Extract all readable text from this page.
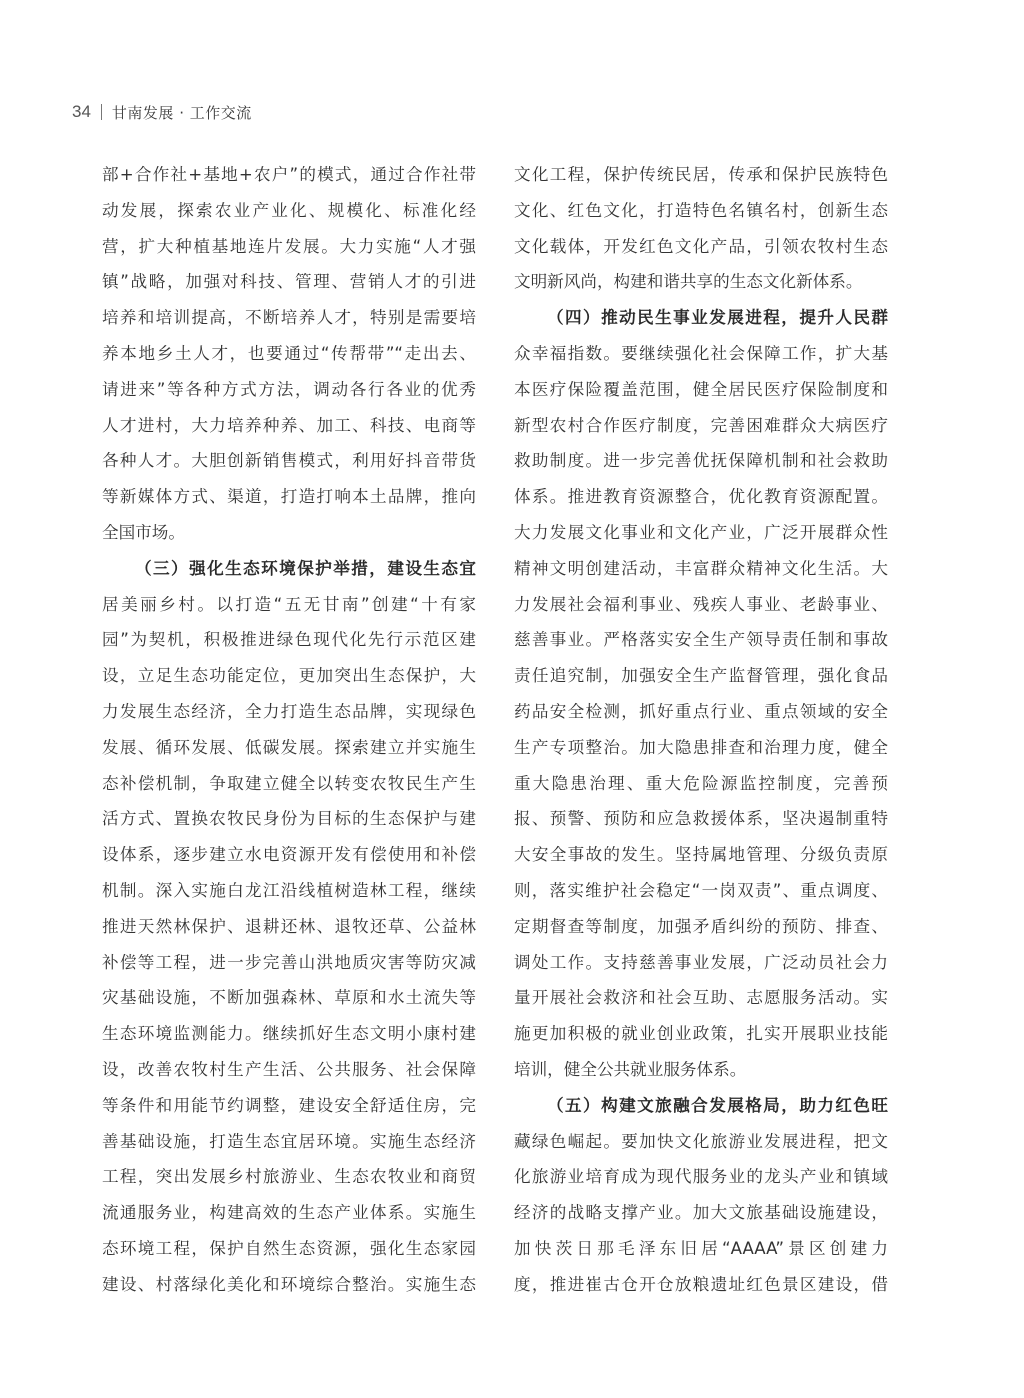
34 甘南发展 · 工作交流
部+合作社+基地+农户”的模式，通过合作社带
动发展，探索农业产业化、规模化、标准化经
营，扩大种植基地连片发展。大力实施“人才强
镇”战略，加强对科技、管理、营销人才的引进
培养和培训提高，不断培养人才，特别是需要培
养本地乡土人才，也要通过“传帮带”“走出去、
请进来”等各种方式方法，调动各行各业的优秀
人才进村，大力培养种养、加工、科技、电商等
各种人才。大胆创新销售模式，利用好抖音带货
等新媒体方式、渠道，打造打响本土品牌，推向
全国市场。
（三）强化生态环境保护举措，建设生态宜
居美丽乡村。以打造“五无甘南”创建“十有家
园”为契机，积极推进绿色现代化先行示范区建
设，立足生态功能定位，更加突出生态保护，大
力发展生态经济，全力打造生态品牌，实现绿色
发展、循环发展、低碳发展。探索建立并实施生
态补偿机制，争取建立健全以转变农牧民生产生
活方式、置换农牧民身份为目标的生态保护与建
设体系，逐步建立水电资源开发有偿使用和补偿
机制。深入实施白龙江沿线植树造林工程，继续
推进天然林保护、退耕还林、退牧还草、公益林
补偿等工程，进一步完善山洪地质灾害等防灾减
灾基础设施，不断加强森林、草原和水土流失等
生态环境监测能力。继续抓好生态文明小康村建
设，改善农牧村生产生活、公共服务、社会保障
等条件和用能节约调整，建设安全舒适住房，完
善基础设施，打造生态宜居环境。实施生态经济
工程，突出发展乡村旅游业、生态农牧业和商贸
流通服务业，构建高效的生态产业体系。实施生
态环境工程，保护自然生态资源，强化生态家园
建设、村落绿化美化和环境综合整治。实施生态
文化工程，保护传统民居，传承和保护民族特色
文化、红色文化，打造特色名镇名村，创新生态
文化载体，开发红色文化产品，引领农牧村生态
文明新风尚，构建和谐共享的生态文化新体系。
（四）推动民生事业发展进程，提升人民群
众幸福指数。要继续强化社会保障工作，扩大基
本医疗保险覆盖范围，健全居民医疗保险制度和
新型农村合作医疗制度，完善困难群众大病医疗
救助制度。进一步完善优抚保障机制和社会救助
体系。推进教育资源整合，优化教育资源配置。
大力发展文化事业和文化产业，广泛开展群众性
精神文明创建活动，丰富群众精神文化生活。大
力发展社会福利事业、残疾人事业、老龄事业、
慈善事业。严格落实安全生产领导责任制和事故
责任追究制，加强安全生产监督管理，强化食品
药品安全检测，抓好重点行业、重点领域的安全
生产专项整治。加大隐患排查和治理力度，健全
重大隐患治理、重大危险源监控制度，完善预
报、预警、预防和应急救援体系，坚决遏制重特
大安全事故的发生。坚持属地管理、分级负责原
则，落实维护社会稳定“一岗双责”、重点调度、
定期督查等制度，加强矛盾纠纷的预防、排查、
调处工作。支持慈善事业发展，广泛动员社会力
量开展社会救济和社会互助、志愿服务活动。实
施更加积极的就业创业政策，扎实开展职业技能
培训，健全公共就业服务体系。
（五）构建文旅融合发展格局，助力红色旺
藏绿色崛起。要加快文化旅游业发展进程，把文
化旅游业培育成为现代服务业的龙头产业和镇域
经济的战略支撑产业。加大文旅基础设施建设，
加快茨日那毛泽东旧居“AAAA”景区创建力
度，推进崔古仓开仓放粮遗址红色景区建设，借
